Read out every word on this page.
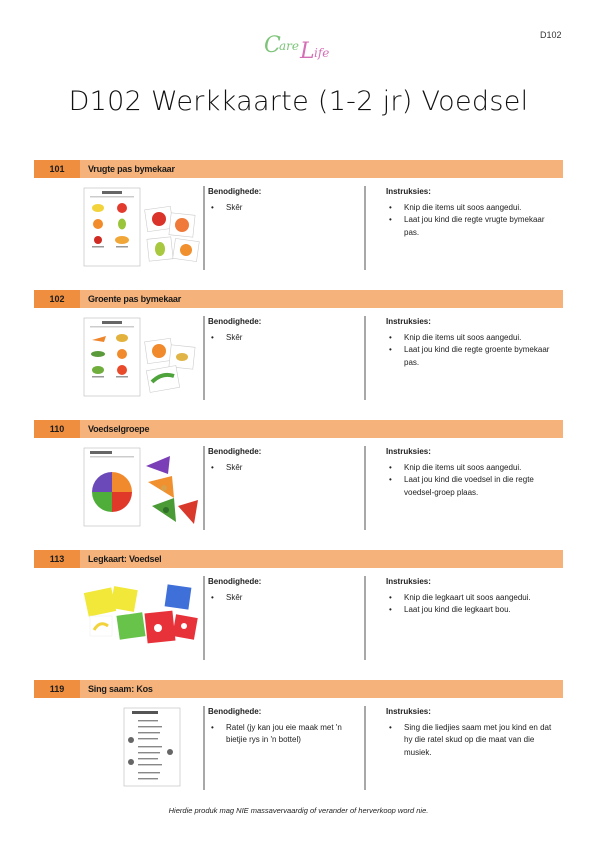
C
are L ife
D102
D102 Werkkaarte (1-2 jr) Voedsel
101	Vrugte pas bymekaar
Benodighede:
• Skêr
Instruksies:
• Knip die items uit soos aangedui.
• Laat jou kind die regte vrugte bymekaar pas.
102	Groente pas bymekaar
Benodighede:
• Skêr
Instruksies:
• Knip die items uit soos aangedui.
• Laat jou kind die regte groente bymekaar pas.
110	Voedselgroepe
Benodighede:
• Skêr
Instruksies:
• Knip die items uit soos aangedui.
• Laat jou kind die voedsel in die regte voedsel-groep plaas.
113	Legkaart: Voedsel
Benodighede:
• Skêr
Instruksies:
• Knip die legkaart uit soos aangedui.
• Laat jou kind die legkaart bou.
119	Sing saam: Kos
Benodighede:
• Ratel (jy kan jou eie maak met 'n bietjie rys in 'n bottel)
Instruksies:
• Sing die liedjies saam met jou kind en dat hy die ratel skud op die maat van die musiek.
Hierdie produk mag NIE massavervaardig of verander of herverkoop word nie.
